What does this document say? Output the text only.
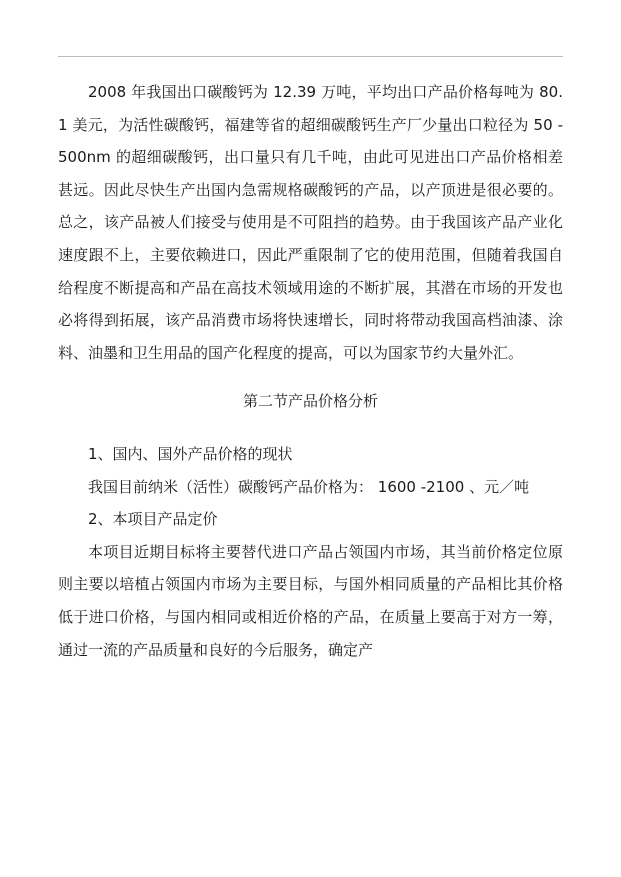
2008 年我国出口碳酸钙为 12.39 万吨，平均出口产品价格每吨为 80.1 美元，为活性碳酸钙，福建等省的超细碳酸钙生产厂少量出口粒径为 50 -500nm 的超细碳酸钙，出口量只有几千吨，由此可见进出口产品价格相差甚远。因此尽快生产出国内急需规格碳酸钙的产品，以产顶进是很必要的。总之，该产品被人们接受与使用是不可阻挡的趋势。由于我国该产品产业化速度跟不上，主要依赖进口，因此严重限制了它的使用范围，但随着我国自给程度不断提高和产品在高技术领域用途的不断扩展，其潜在市场的开发也必将得到拓展，该产品消费市场将快速增长，同时将带动我国高档油漆、涂料、油墨和卫生用品的国产化程度的提高，可以为国家节约大量外汇。

第二节产品价格分析

1、国内、国外产品价格的现状

我国目前纳米（活性）碳酸钙产品价格为： 1600 -2100 、元／吨

2、本项目产品定价

本项目近期目标将主要替代进口产品占领国内市场，其当前价格定位原则主要以培植占领国内市场为主要目标，与国外相同质量的产品相比其价格低于进口价格，与国内相同或相近价格的产品，在质量上要高于对方一筹，通过一流的产品质量和良好的今后服务，确定产
